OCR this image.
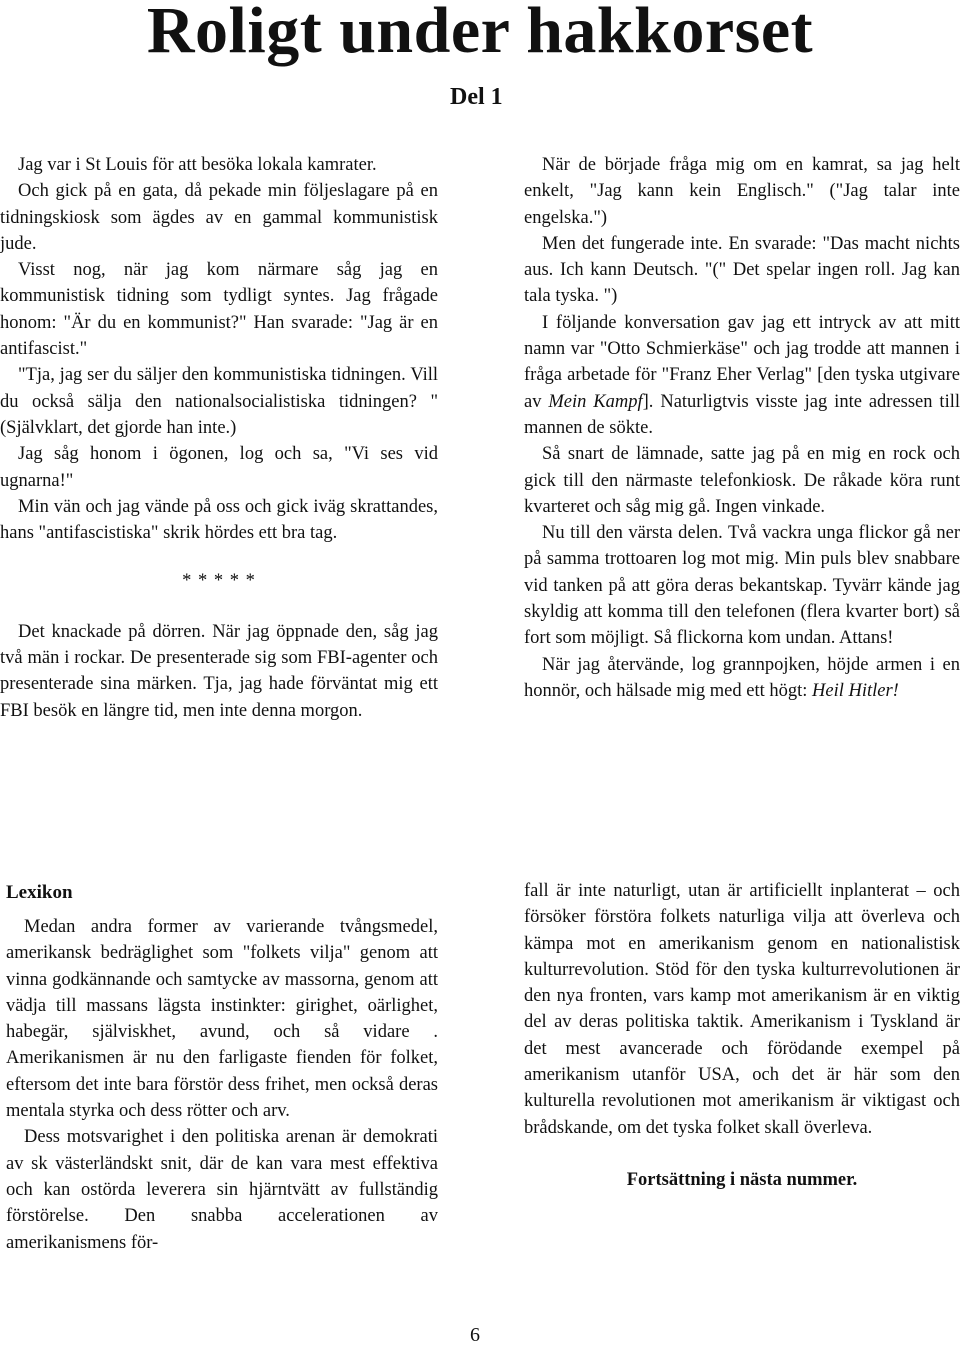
Roligt under hakkorset
Del 1

Jag var i St Louis för att besöka lokala kamrater.

Och gick på en gata, då pekade min följeslagare på en tidningskiosk som ägdes av en gammal kommunistisk jude.

Visst nog, när jag kom närmare såg jag en kommunistisk tidning som tydligt syntes. Jag frågade honom: "Är du en kommunist?" Han svarade: "Jag är en antifascist."

"Tja, jag ser du säljer den kommunistiska tidningen. Vill du också sälja den nationalsocialistiska tidningen? "(Självklart, det gjorde han inte.)

Jag såg honom i ögonen, log och sa, "Vi ses vid ugnarna!"

Min vän och jag vände på oss och gick iväg skrattandes, hans "antifascistiska" skrik hördes ett bra tag.

* * * * *

Det knackade på dörren. När jag öppnade den, såg jag två män i rockar. De presenterade sig som FBI-agenter och presenterade sina märken. Tja, jag hade förväntat mig ett FBI besök en längre tid, men inte denna morgon.

När de började fråga mig om en kamrat, sa jag helt enkelt, "Jag kann kein Englisch." ("Jag talar inte engelska.")

Men det fungerade inte. En svarade: "Das macht nichts aus. Ich kann Deutsch. "(" Det spelar ingen roll. Jag kan tala tyska. ")

I följande konversation gav jag ett intryck av att mitt namn var "Otto Schmierkäse" och jag trodde att mannen i fråga arbetade för "Franz Eher Verlag" [den tyska utgivare av Mein Kampf]. Naturligtvis visste jag inte adressen till mannen de sökte.

Så snart de lämnade, satte jag på en mig en rock och gick till den närmaste telefonkiosk. De råkade köra runt kvarteret och såg mig gå. Ingen vinkade.

Nu till den värsta delen. Två vackra unga flickor gå ner på samma trottoaren log mot mig. Min puls blev snabbare vid tanken på att göra deras bekantskap. Tyvärr kände jag skyldig att komma till den telefonen (flera kvarter bort) så fort som möjligt. Så flickorna kom undan. Attans!

När jag återvände, log grannpojken, höjde armen i en honnör, och hälsade mig med ett högt: Heil Hitler!

Lexikon

Medan andra former av varierande tvångsmedel, amerikansk bedräglighet som "folkets vilja" genom att vinna godkännande och samtycke av massorna, genom att vädja till massans lägsta instinkter: girighet, oärlighet, habegär, själviskhet, avund, och så vidare . Amerikanismen är nu den farligaste fienden för folket, eftersom det inte bara förstör dess frihet, men också deras mentala styrka och dess rötter och arv.

Dess motsvarighet i den politiska arenan är demokrati av sk västerländskt snit, där de kan vara mest effektiva och kan ostörda leverera sin hjärntvätt av fullständig förstörelse. Den snabba accelerationen av amerikanismens för-

fall är inte naturligt, utan är artificiellt inplanterat – och försöker förstöra folkets naturliga vilja att överleva och kämpa mot en amerikanism genom en nationalistisk kulturrevolution. Stöd för den tyska kulturrevolutionen är den nya fronten, vars kamp mot amerikanism är en viktig del av deras politiska taktik. Amerikanism i Tyskland är det mest avancerade och förödande exempel på amerikanism utanför USA, och det är här som den kulturella revolutionen mot amerikanism är viktigast och brådskande, om det tyska folket skall överleva.

Fortsättning i nästa nummer.

6
